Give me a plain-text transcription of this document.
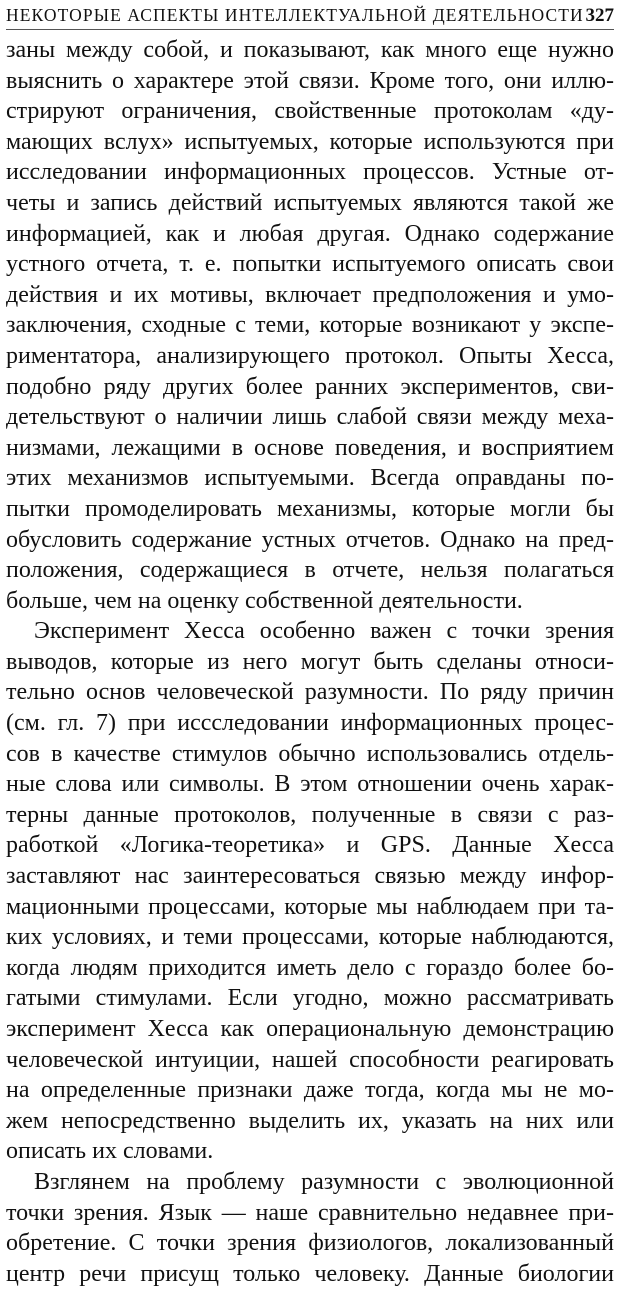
НЕКОТОРЫЕ АСПЕКТЫ ИНТЕЛЛЕКТУАЛЬНОЙ ДЕЯТЕЛЬНОСТИ 327
заны между собой, и показывают, как много еще нужно
выяснить о характере этой связи. Кроме того, они иллю-
стрируют ограничения, свойственные протоколам «ду-
мающих вслух» испытуемых, которые используются при
исследовании информационных процессов. Устные от-
четы и запись действий испытуемых являются такой же
информацией, как и любая другая. Однако содержание
устного отчета, т. е. попытки испытуемого описать свои
действия и их мотивы, включает предположения и умо-
заключения, сходные с теми, которые возникают у экспе-
риментатора, анализирующего протокол. Опыты Хесса,
подобно ряду других более ранних экспериментов, сви-
детельствуют о наличии лишь слабой связи между меха-
низмами, лежащими в основе поведения, и восприятием
этих механизмов испытуемыми. Всегда оправданы по-
пытки промоделировать механизмы, которые могли бы
обусловить содержание устных отчетов. Однако на пред-
положения, содержащиеся в отчете, нельзя полагаться
больше, чем на оценку собственной деятельности.
Эксперимент Хесса особенно важен с точки зрения
выводов, которые из него могут быть сделаны относи-
тельно основ человеческой разумности. По ряду причин
(см. гл. 7) при исcследовании информационных процес-
сов в качестве стимулов обычно использовались отдель-
ные слова или символы. В этом отношении очень харак-
терны данные протоколов, полученные в связи с раз-
работкой «Логика-теоретика» и GPS. Данные Хесса
заставляют нас заинтересоваться связью между инфор-
мационными процессами, которые мы наблюдаем при та-
ких условиях, и теми процессами, которые наблюдаются,
когда людям приходится иметь дело с гораздо более бо-
гатыми стимулами. Если угодно, можно рассматривать
эксперимент Хесса как операциональную демонстрацию
человеческой интуиции, нашей способности реагировать
на определенные признаки даже тогда, когда мы не мо-
жем непосредственно выделить их, указать на них или
описать их словами.
Взглянем на проблему разумности с эволюционной
точки зрения. Язык — наше сравнительно недавнее при-
обретение. С точки зрения физиологов, локализованный
центр речи присущ только человеку. Данные биологии
